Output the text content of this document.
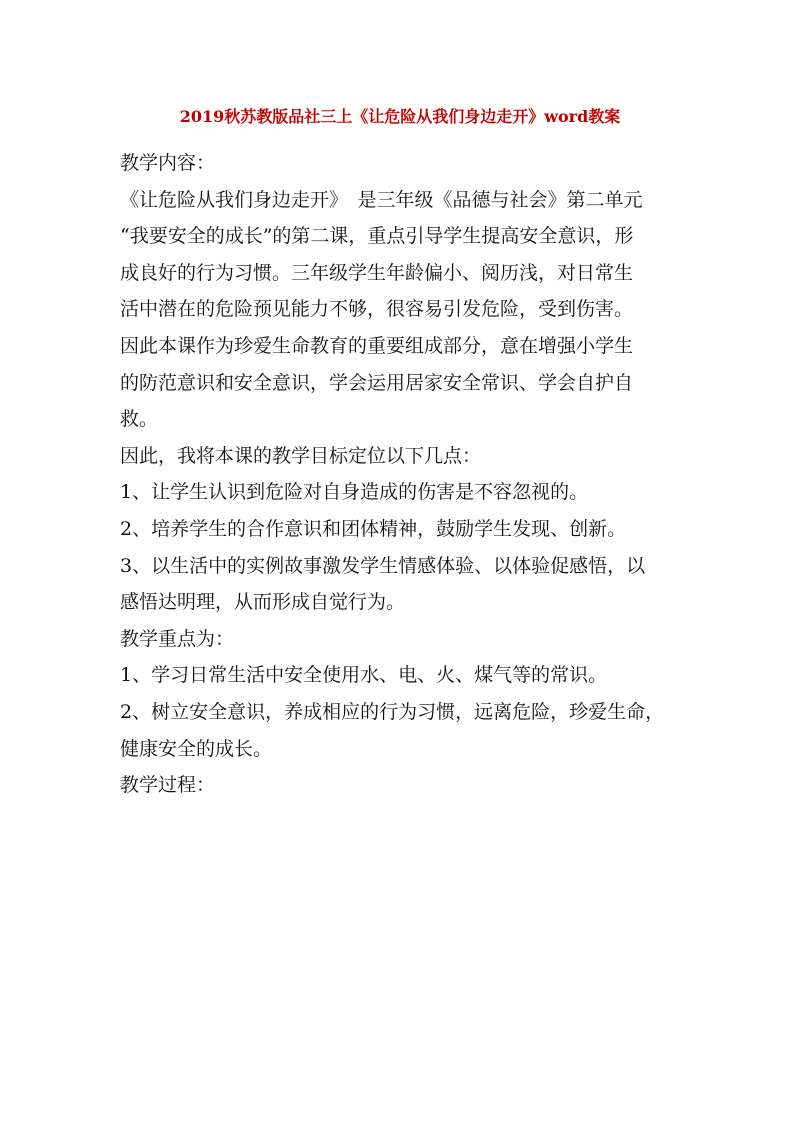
2019秋苏教版品社三上《让危险从我们身边走开》word教案
教学内容：
《让危险从我们身边走开》　是三年级《品德与社会》第二单元
“我要安全的成长”的第二课，重点引导学生提高安全意识，形
成良好的行为习惯。三年级学生年龄偏小、阅历浅，对日常生
活中潜在的危险预见能力不够，很容易引发危险，受到伤害。
因此本课作为珍爱生命教育的重要组成部分，意在增强小学生
的防范意识和安全意识，学会运用居家安全常识、学会自护自
救。
因此，我将本课的教学目标定位以下几点：
1、让学生认识到危险对自身造成的伤害是不容忽视的。
2、培养学生的合作意识和团体精神，鼓励学生发现、创新。
3、以生活中的实例故事激发学生情感体验、以体验促感悟，以
感悟达明理，从而形成自觉行为。
教学重点为：
1、学习日常生活中安全使用水、电、火、煤气等的常识。
2、树立安全意识，养成相应的行为习惯，远离危险，珍爱生命，
健康安全的成长。
教学过程：
